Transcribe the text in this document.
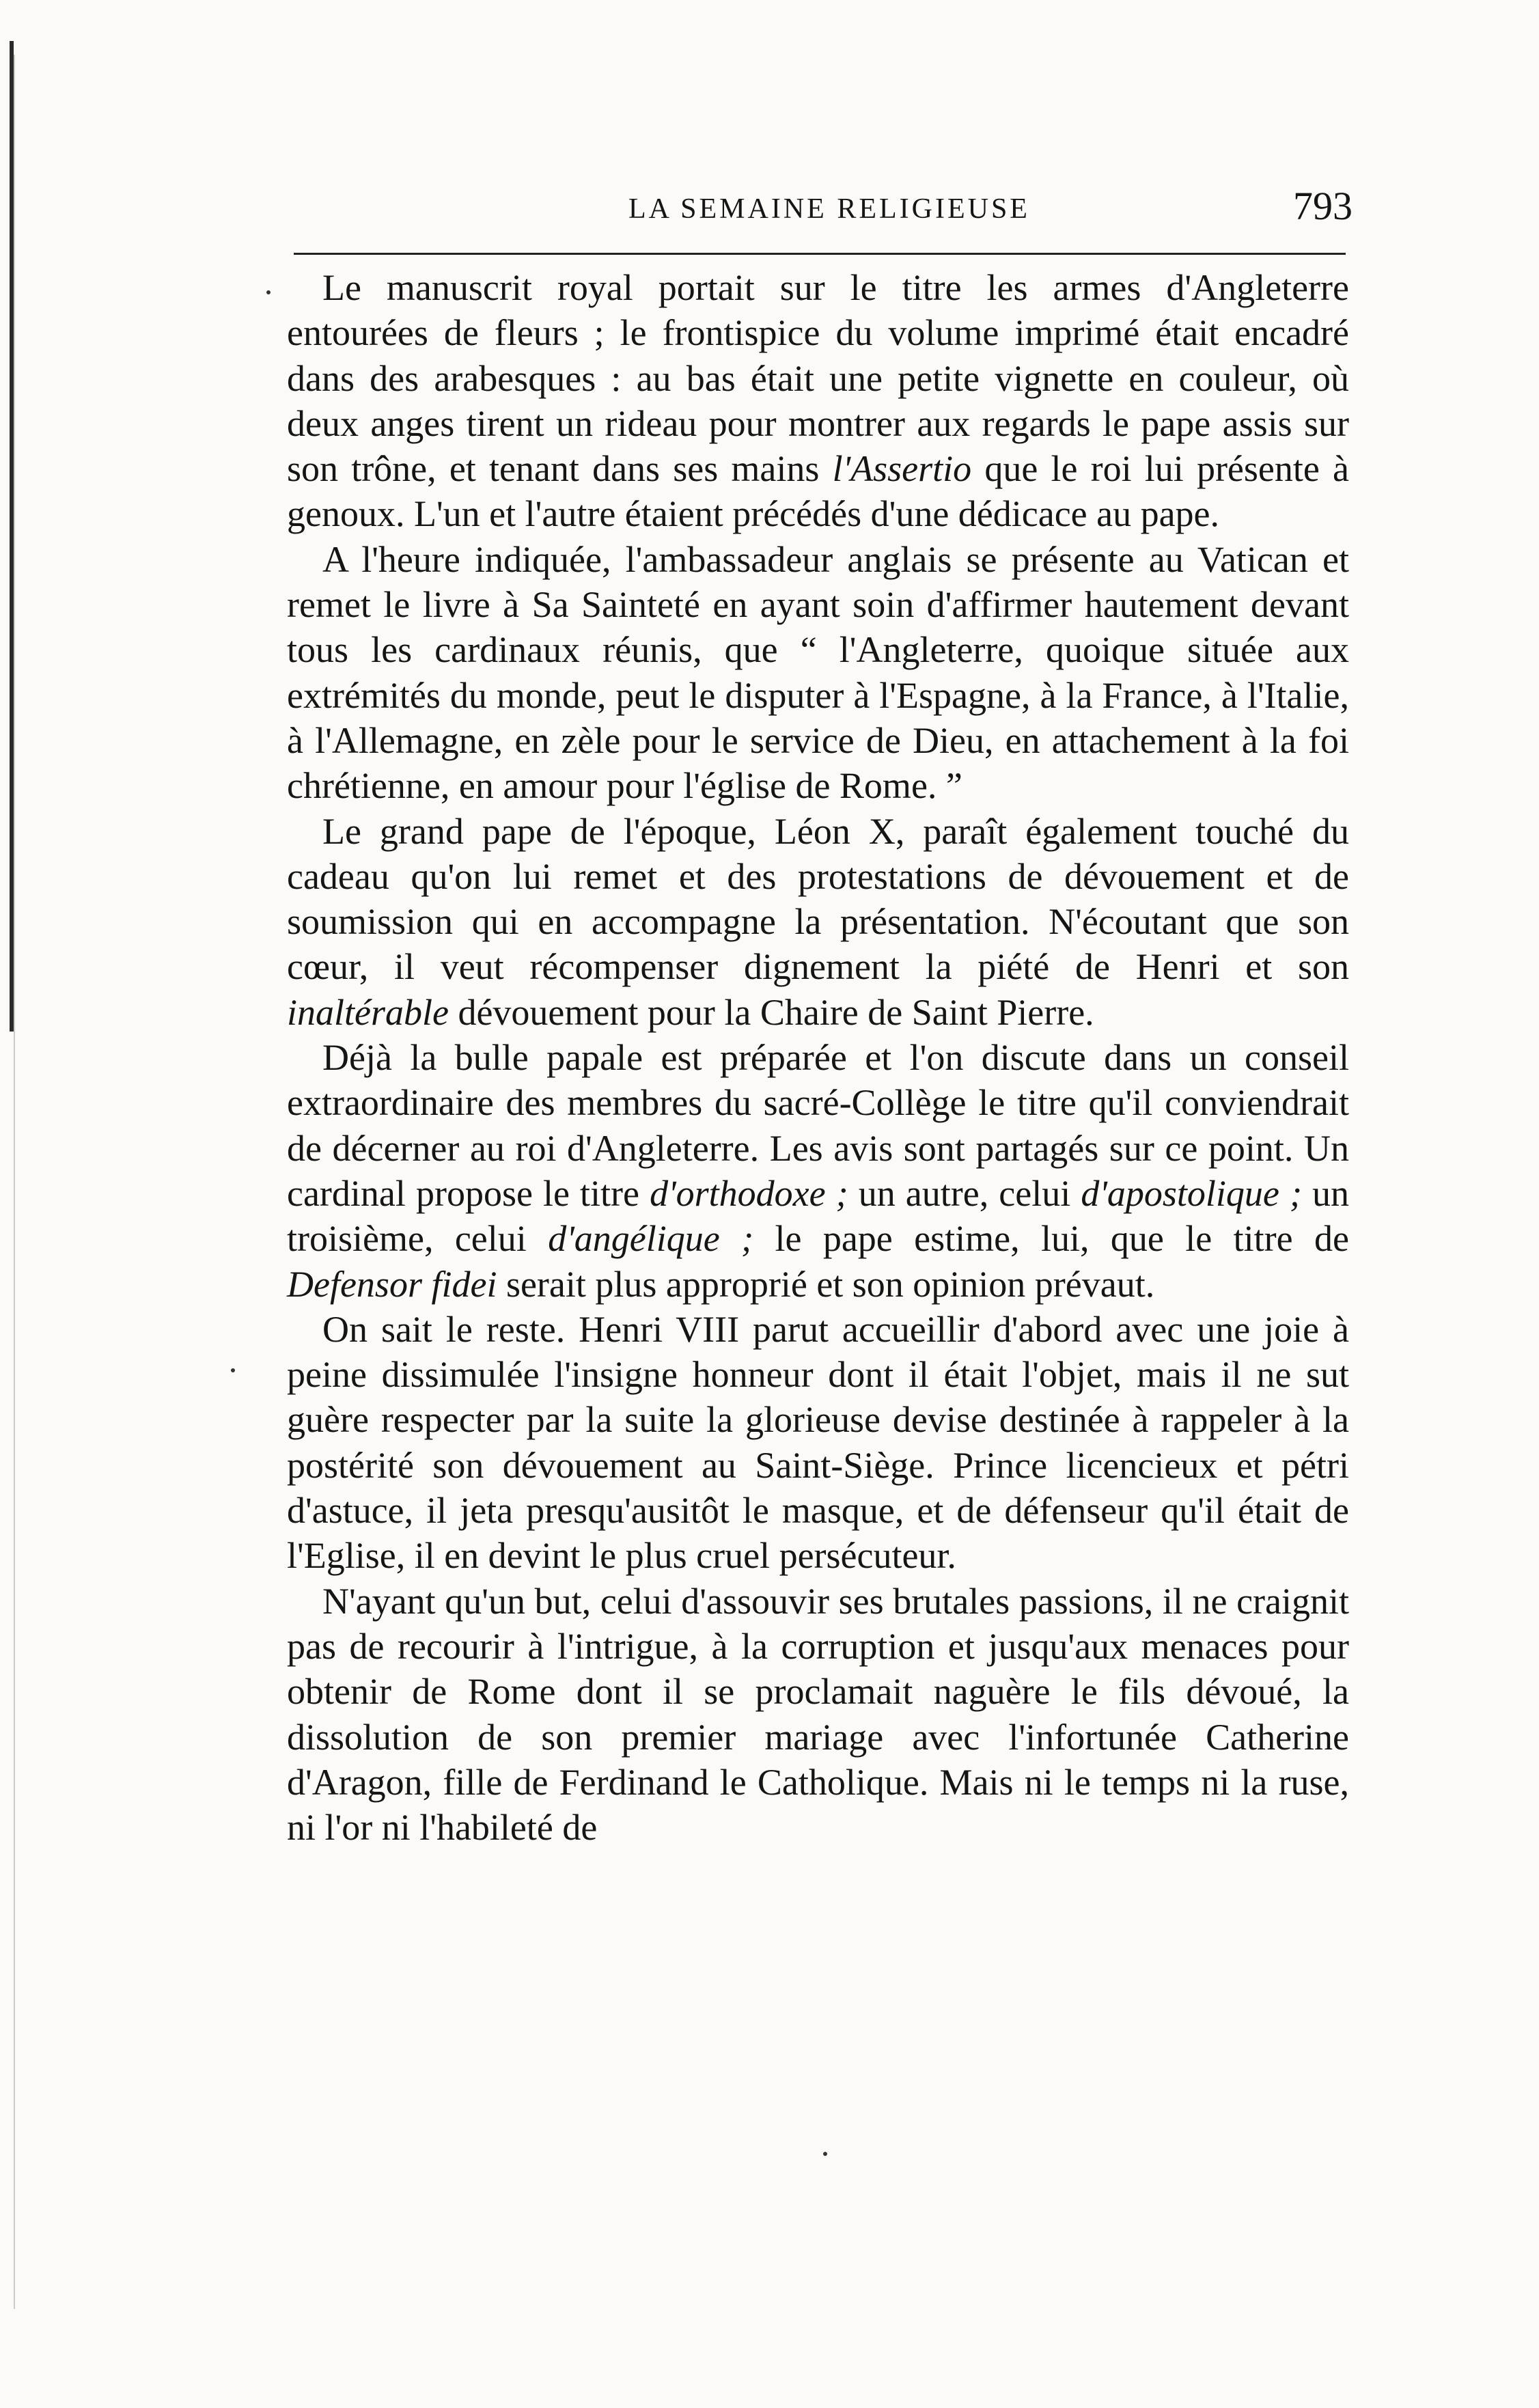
LA SEMAINE RELIGIEUSE	793

Le manuscrit royal portait sur le titre les armes d'Angleterre entourées de fleurs ; le frontispice du volume imprimé était encadré dans des arabesques : au bas était une petite vignette en couleur, où deux anges tirent un rideau pour montrer aux regards le pape assis sur son trône, et tenant dans ses mains l'Assertio que le roi lui présente à genoux. L'un et l'autre étaient précédés d'une dédicace au pape.

A l'heure indiquée, l'ambassadeur anglais se présente au Vatican et remet le livre à Sa Sainteté en ayant soin d'affirmer hautement devant tous les cardinaux réunis, que “ l'Angleterre, quoique située aux extrémités du monde, peut le disputer à l'Espagne, à la France, à l'Italie, à l'Allemagne, en zèle pour le service de Dieu, en attachement à la foi chrétienne, en amour pour l'église de Rome. ”

Le grand pape de l'époque, Léon X, paraît également touché du cadeau qu'on lui remet et des protestations de dévouement et de soumission qui en accompagne la présentation. N'écoutant que son cœur, il veut récompenser dignement la piété de Henri et son inaltérable dévouement pour la Chaire de Saint Pierre.

Déjà la bulle papale est préparée et l'on discute dans un conseil extraordinaire des membres du sacré-Collège le titre qu'il conviendrait de décerner au roi d'Angleterre. Les avis sont partagés sur ce point. Un cardinal propose le titre d'orthodoxe ; un autre, celui d'apostolique ; un troisième, celui d'angélique ; le pape estime, lui, que le titre de Defensor fidei serait plus approprié et son opinion prévaut.

On sait le reste. Henri VIII parut accueillir d'abord avec une joie à peine dissimulée l'insigne honneur dont il était l'objet, mais il ne sut guère respecter par la suite la glorieuse devise destinée à rappeler à la postérité son dévouement au Saint-Siège. Prince licencieux et pétri d'astuce, il jeta presqu'ausitôt le masque, et de défenseur qu'il était de l'Eglise, il en devint le plus cruel persécuteur.

N'ayant qu'un but, celui d'assouvir ses brutales passions, il ne craignit pas de recourir à l'intrigue, à la corruption et jusqu'aux menaces pour obtenir de Rome dont il se proclamait naguère le fils dévoué, la dissolution de son premier mariage avec l'infortunée Catherine d'Aragon, fille de Ferdinand le Catholique. Mais ni le temps ni la ruse, ni l'or ni l'habileté de
